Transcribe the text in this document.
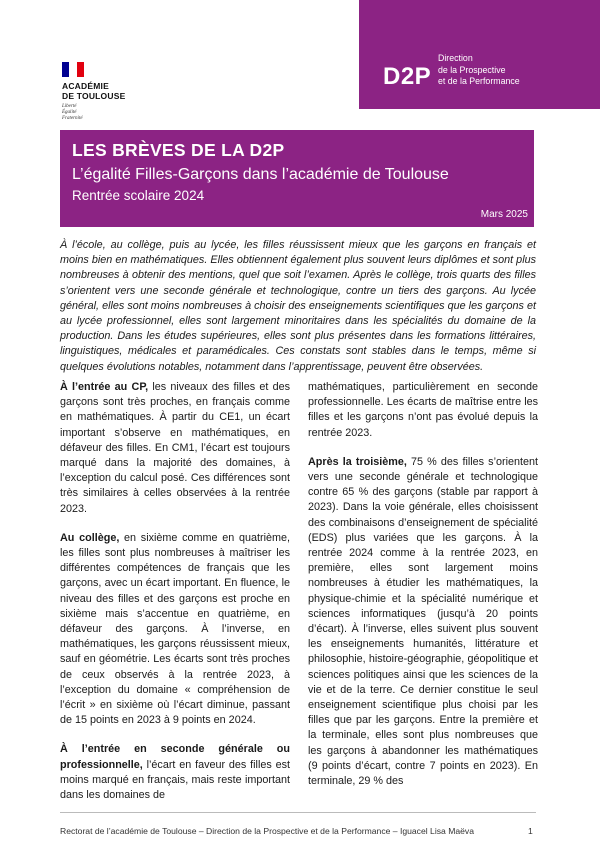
ACADÉMIE
DE TOULOUSE
Liberté
Égalité
Fraternité
D2P
Direction
de la Prospective
et de la Performance
LES BRÈVES DE LA D2P
L’égalité Filles-Garçons dans l’académie de Toulouse
Rentrée scolaire 2024
Mars 2025

À l’école, au collège, puis au lycée, les filles réussissent mieux que les garçons en français et moins bien en mathématiques. Elles obtiennent également plus souvent leurs diplômes et sont plus nombreuses à obtenir des mentions, quel que soit l’examen. Après le collège, trois quarts des filles s’orientent vers une seconde générale et technologique, contre un tiers des garçons. Au lycée général, elles sont moins nombreuses à choisir des enseignements scientifiques que les garçons et au lycée professionnel, elles sont largement minoritaires dans les spécialités du domaine de la production. Dans les études supérieures, elles sont plus présentes dans les formations littéraires, linguistiques, médicales et paramédicales. Ces constats sont stables dans le temps, même si quelques évolutions notables, notamment dans l’apprentissage, peuvent être observées.

À l’entrée au CP, les niveaux des filles et des garçons sont très proches, en français comme en mathématiques. À partir du CE1, un écart important s’observe en mathématiques, en défaveur des filles. En CM1, l’écart est toujours marqué dans la majorité des domaines, à l’exception du calcul posé. Ces différences sont très similaires à celles observées à la rentrée 2023.

Au collège, en sixième comme en quatrième, les filles sont plus nombreuses à maîtriser les différentes compétences de français que les garçons, avec un écart important. En fluence, le niveau des filles et des garçons est proche en sixième mais s’accentue en quatrième, en défaveur des garçons. À l’inverse, en mathématiques, les garçons réussissent mieux, sauf en géométrie. Les écarts sont très proches de ceux observés à la rentrée 2023, à l’exception du domaine « compréhension de l’écrit » en sixième où l’écart diminue, passant de 15 points en 2023 à 9 points en 2024.

À l’entrée en seconde générale ou professionnelle, l’écart en faveur des filles est moins marqué en français, mais reste important dans les domaines de

mathématiques, particulièrement en seconde professionnelle. Les écarts de maîtrise entre les filles et les garçons n’ont pas évolué depuis la rentrée 2023.

Après la troisième, 75 % des filles s’orientent vers une seconde générale et technologique contre 65 % des garçons (stable par rapport à 2023). Dans la voie générale, elles choisissent des combinaisons d’enseignement de spécialité (EDS) plus variées que les garçons. À la rentrée 2024 comme à la rentrée 2023, en première, elles sont largement moins nombreuses à étudier les mathématiques, la physique-chimie et la spécialité numérique et sciences informatiques (jusqu’à 20 points d’écart). À l’inverse, elles suivent plus souvent les enseignements humanités, littérature et philosophie, histoire-géographie, géopolitique et sciences politiques ainsi que les sciences de la vie et de la terre. Ce dernier constitue le seul enseignement scientifique plus choisi par les filles que par les garçons. Entre la première et la terminale, elles sont plus nombreuses que les garçons à abandonner les mathématiques (9 points d’écart, contre 7 points en 2023). En terminale, 29 % des

Rectorat de l’académie de Toulouse – Direction de la Prospective et de la Performance – Iguacel Lisa Maëva	1
